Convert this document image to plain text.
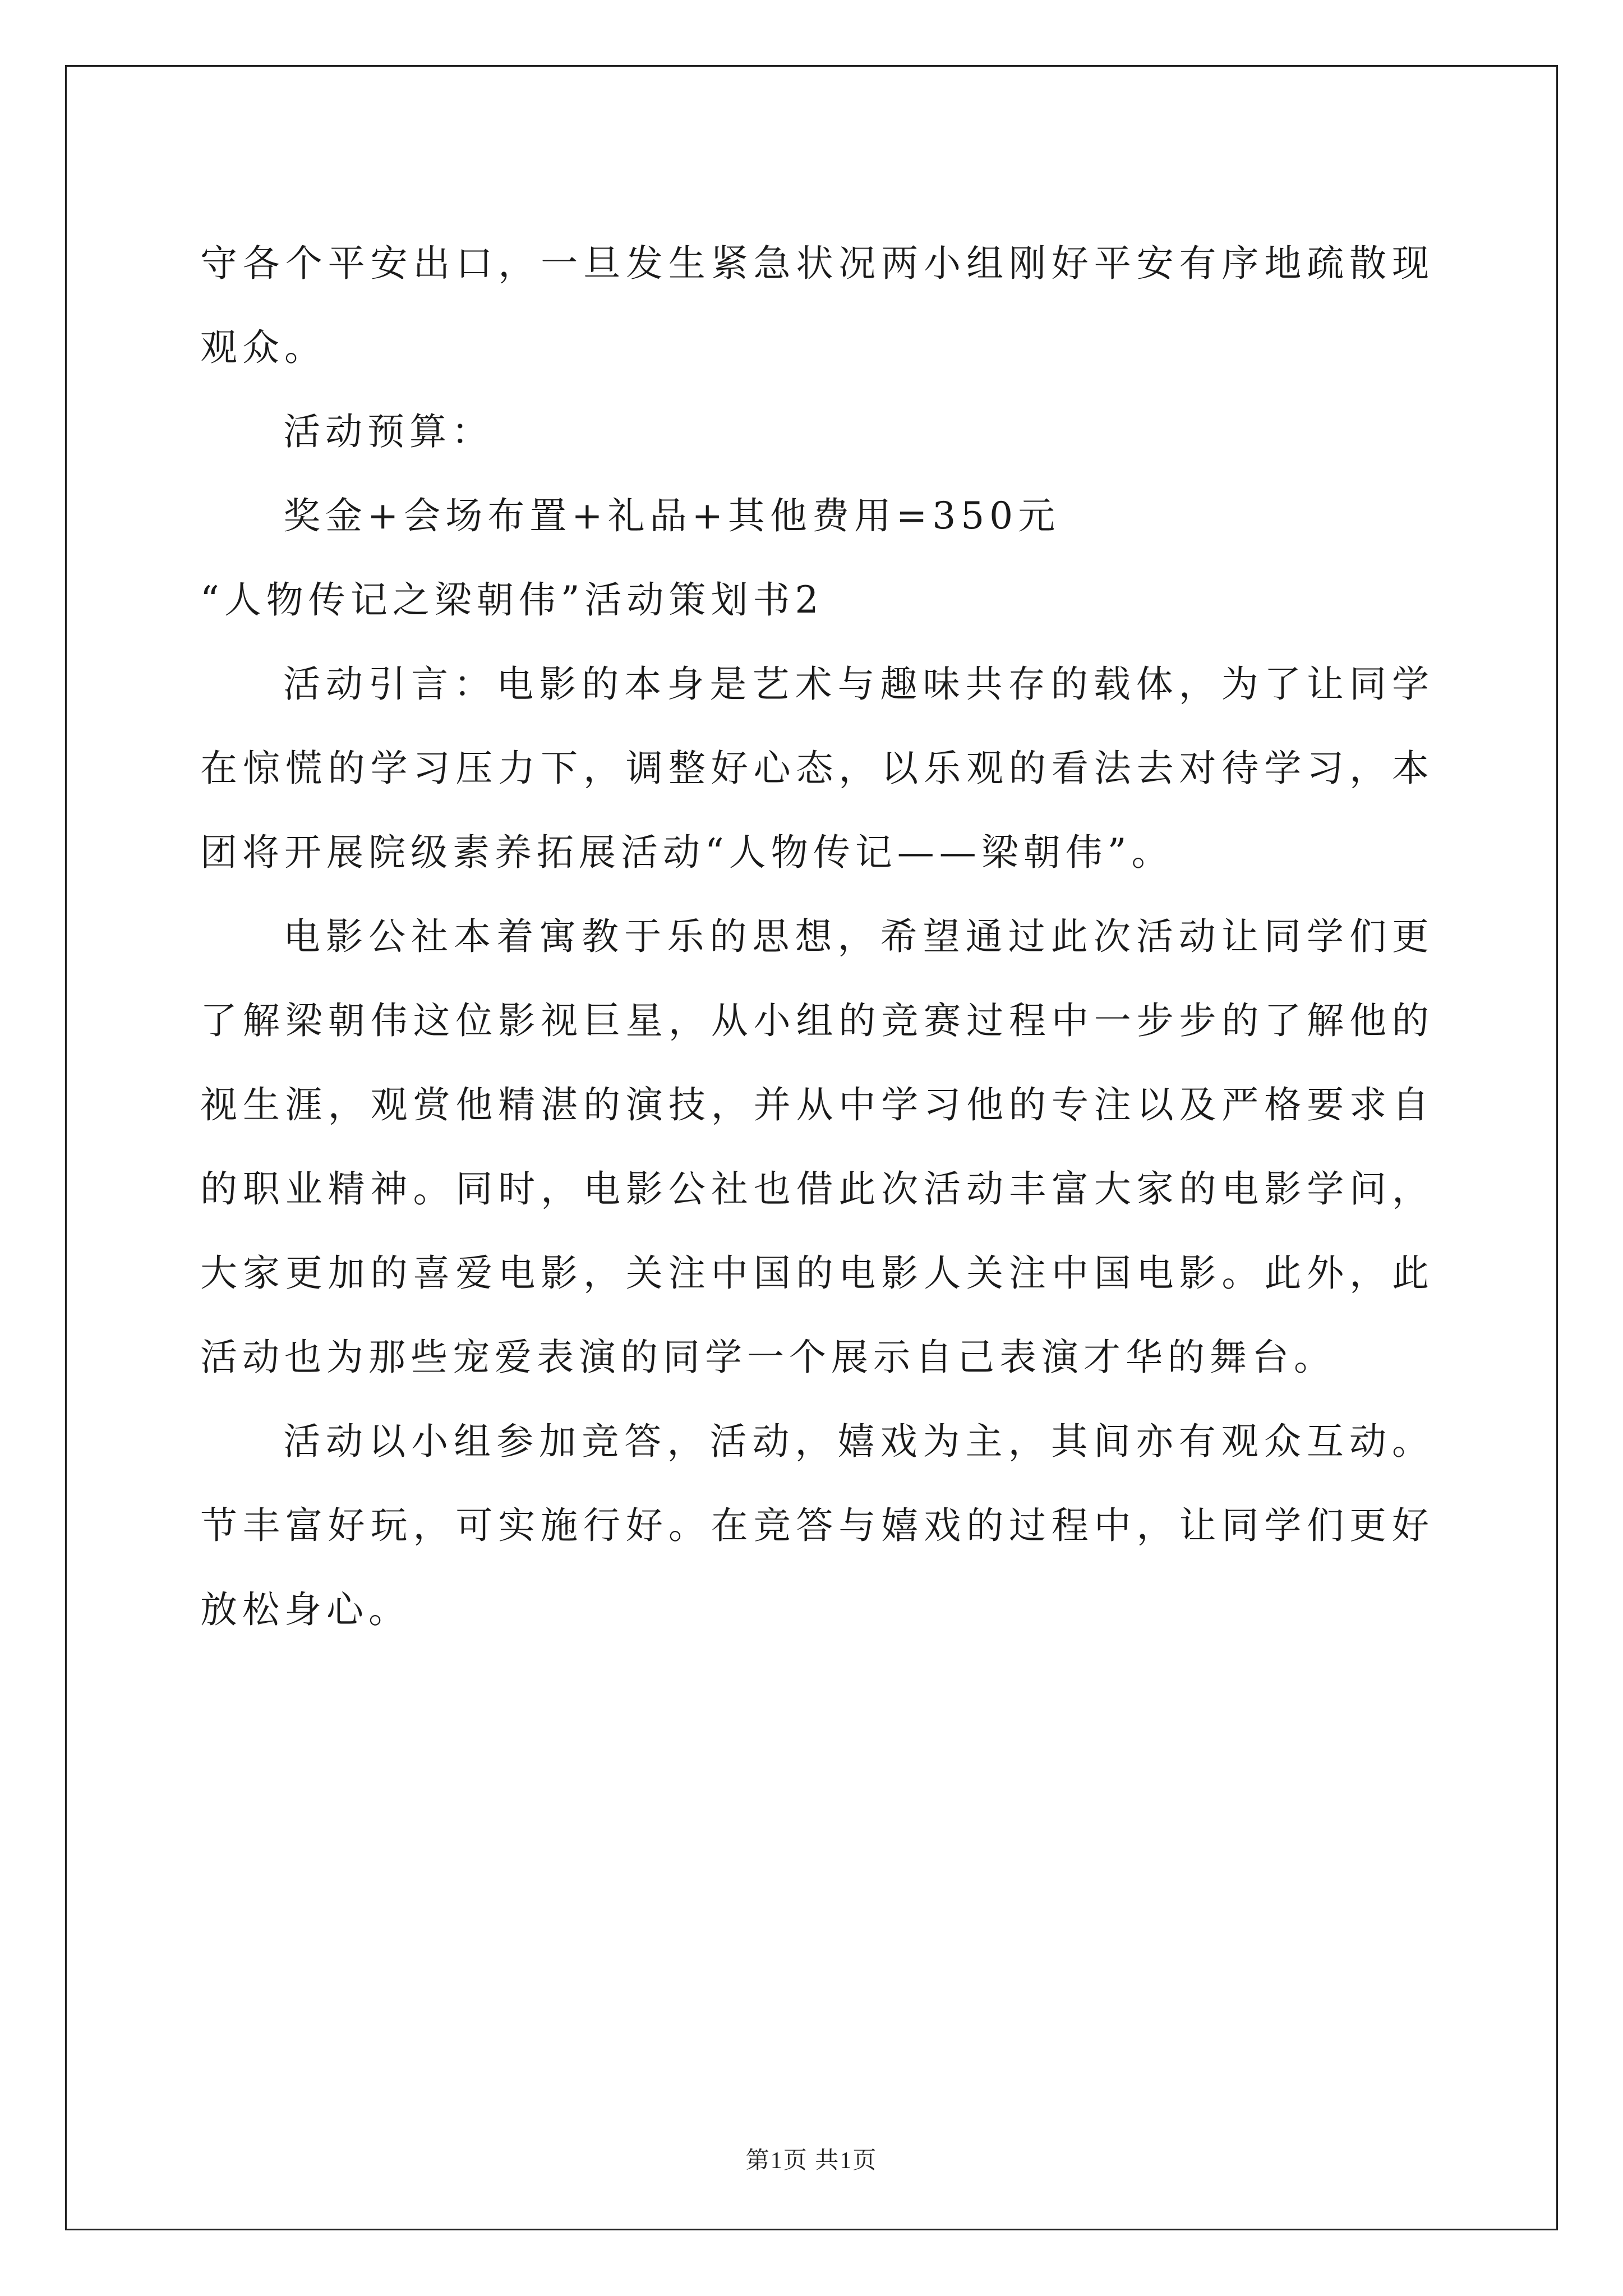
守各个平安出口，一旦发生紧急状况两小组刚好平安有序地疏散现
观众。
活动预算：
奖金+会场布置+礼品+其他费用=350元
“人物传记之梁朝伟”活动策划书2
活动引言：电影的本身是艺术与趣味共存的载体，为了让同学
在惊慌的学习压力下，调整好心态，以乐观的看法去对待学习，本
团将开展院级素养拓展活动“人物传记——梁朝伟”。
电影公社本着寓教于乐的思想，希望通过此次活动让同学们更
了解梁朝伟这位影视巨星，从小组的竞赛过程中一步步的了解他的
视生涯，观赏他精湛的演技，并从中学习他的专注以及严格要求自
的职业精神。同时，电影公社也借此次活动丰富大家的电影学问，
大家更加的喜爱电影，关注中国的电影人关注中国电影。此外，此
活动也为那些宠爱表演的同学一个展示自己表演才华的舞台。
活动以小组参加竞答，活动，嬉戏为主，其间亦有观众互动。
节丰富好玩，可实施行好。在竞答与嬉戏的过程中，让同学们更好
放松身心。
第1页 共1页
